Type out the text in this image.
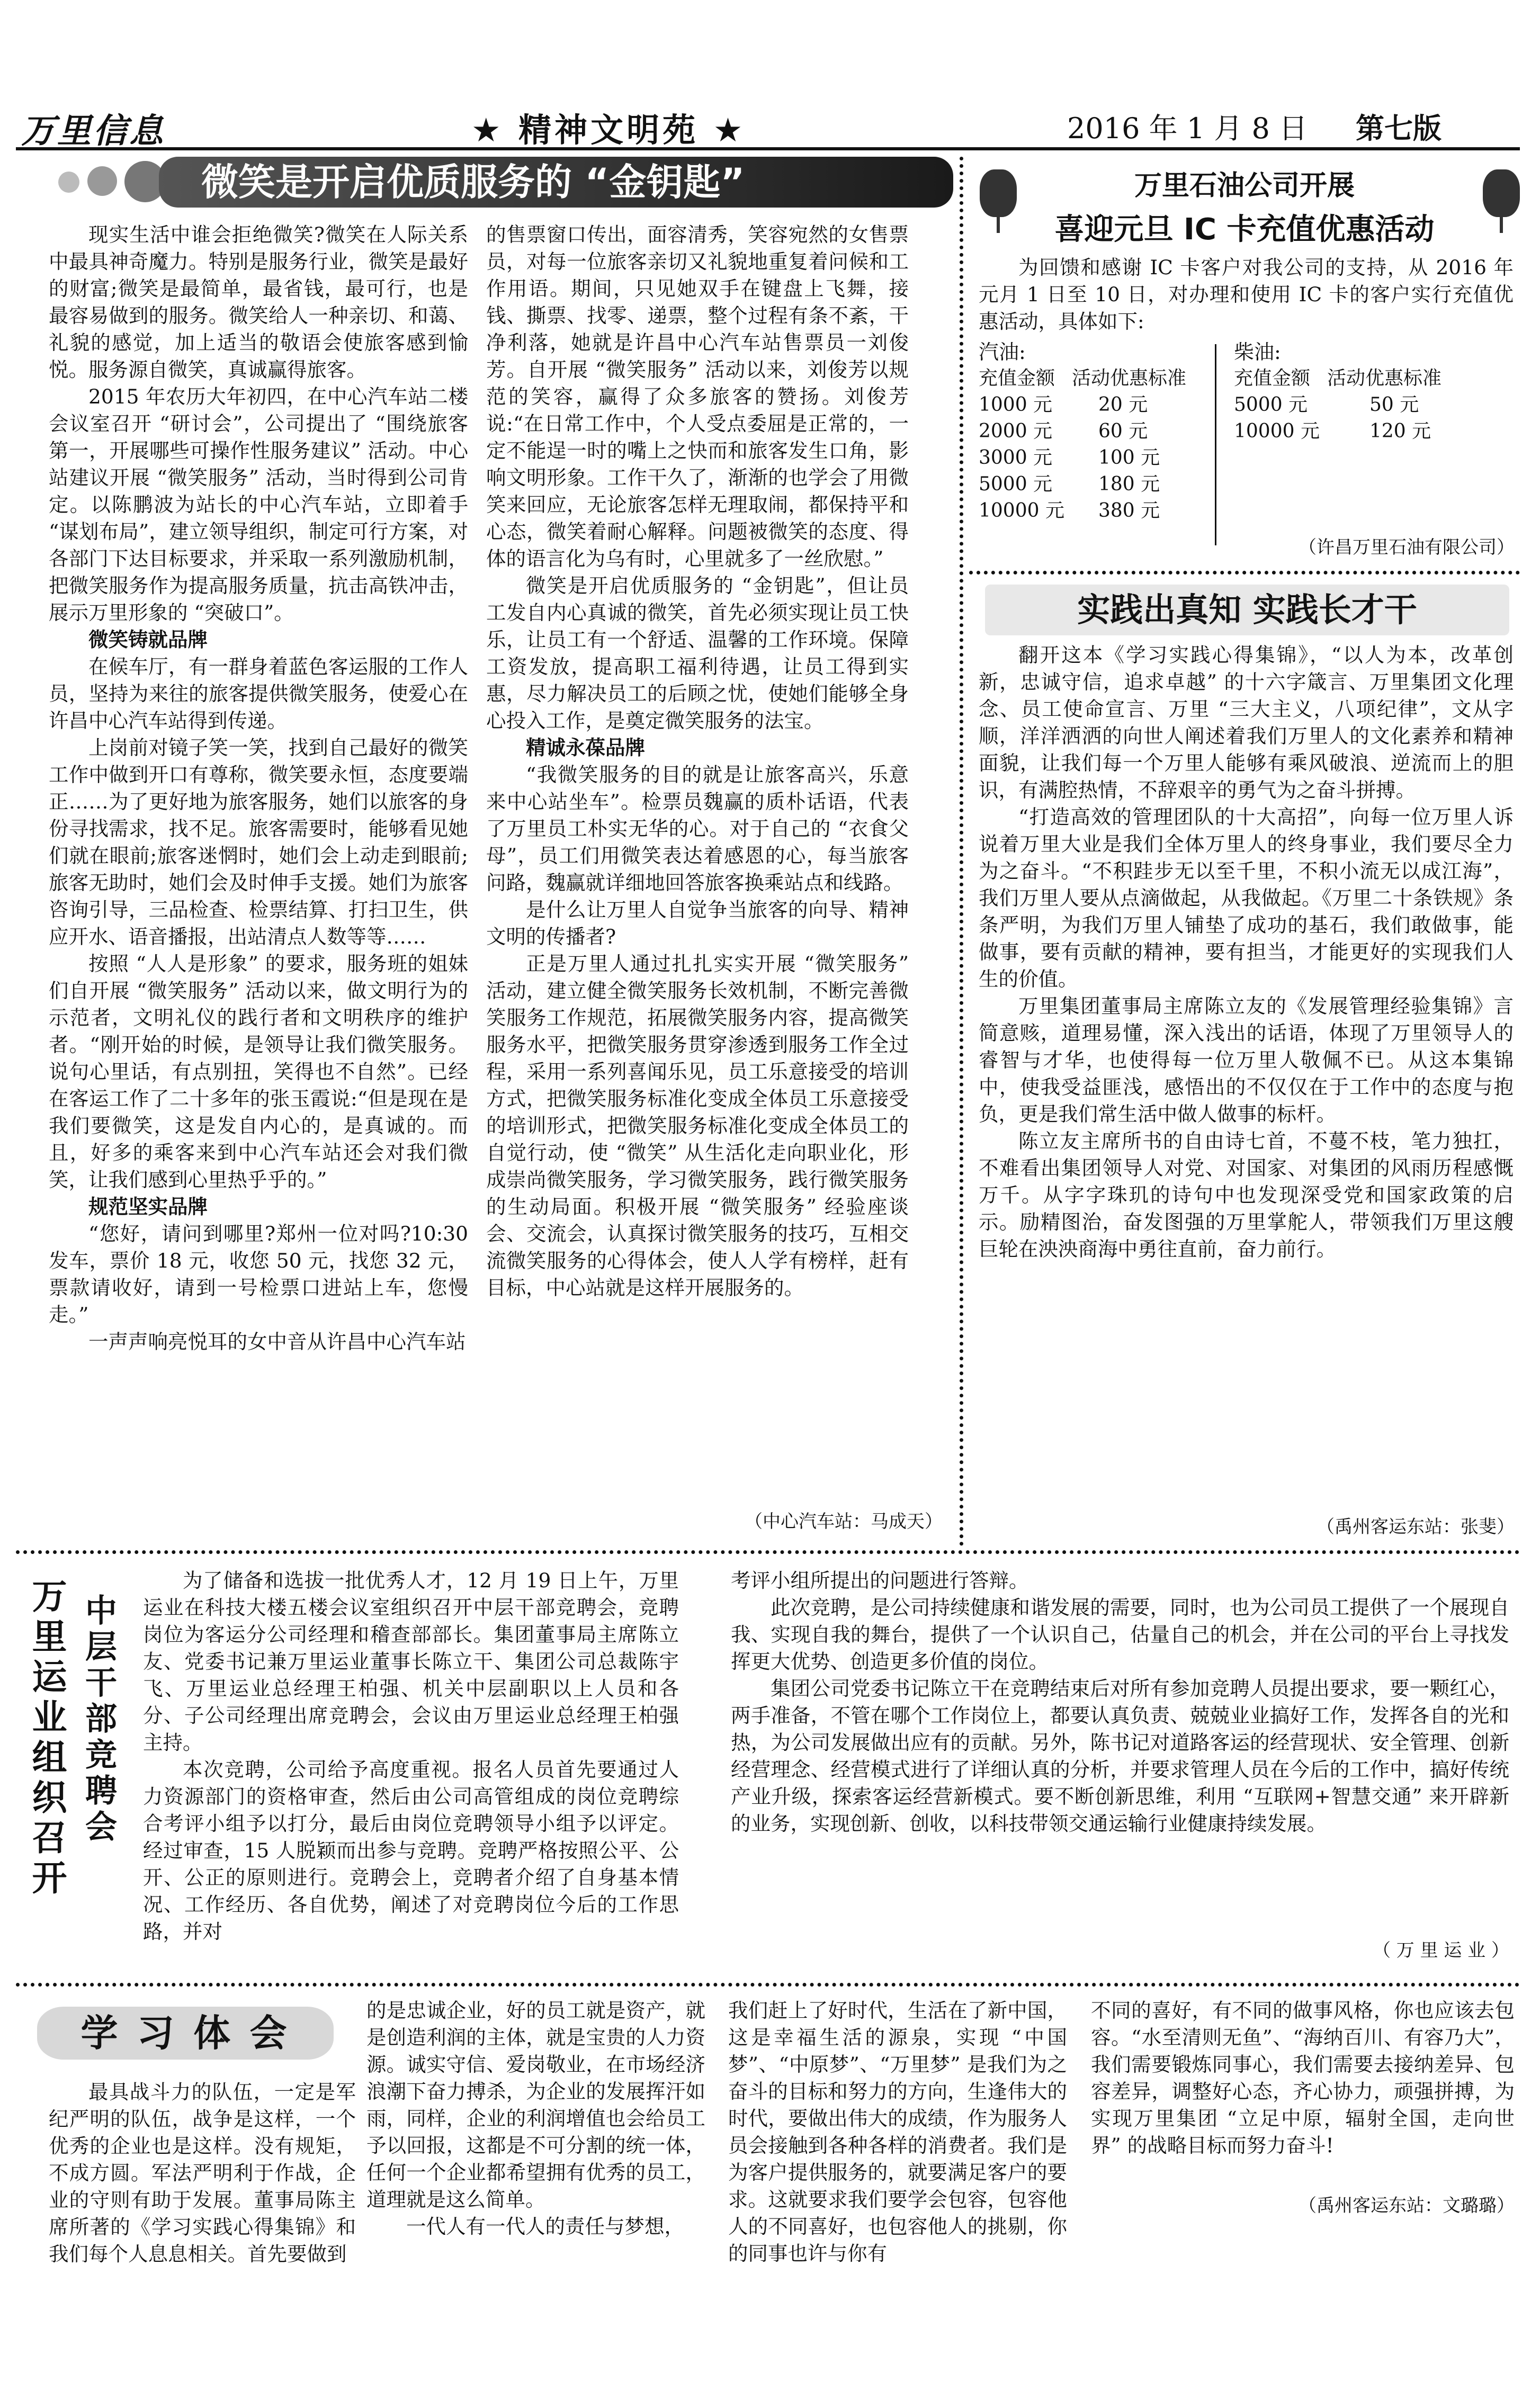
万里信息	★ 精神文明苑 ★	2016 年 1 月 8 日 第七版
微笑是开启优质服务的 “金钥匙”

现实生活中谁会拒绝微笑?微笑在人际关系中最具神奇魔力。特别是服务行业，微笑是最好的财富;微笑是最简单，最省钱，最可行，也是最容易做到的服务。微笑给人一种亲切、和蔼、礼貌的感觉，加上适当的敬语会使旅客感到愉悦。服务源自微笑，真诚赢得旅客。

2015 年农历大年初四，在中心汽车站二楼会议室召开 “研讨会”，公司提出了 “围绕旅客第一，开展哪些可操作性服务建议” 活动。中心站建议开展 “微笑服务” 活动，当时得到公司肯定。以陈鹏波为站长的中心汽车站，立即着手 “谋划布局”，建立领导组织，制定可行方案，对各部门下达目标要求，并采取一系列激励机制，把微笑服务作为提高服务质量，抗击高铁冲击，展示万里形象的 “突破口”。

微笑铸就品牌

在候车厅，有一群身着蓝色客运服的工作人员，坚持为来往的旅客提供微笑服务，使爱心在许昌中心汽车站得到传递。

上岗前对镜子笑一笑，找到自己最好的微笑工作中做到开口有尊称，微笑要永恒，态度要端正……为了更好地为旅客服务，她们以旅客的身份寻找需求，找不足。旅客需要时，能够看见她们就在眼前;旅客迷惘时，她们会上动走到眼前;旅客无助时，她们会及时伸手支援。她们为旅客咨询引导，三品检查、检票结算、打扫卫生，供应开水、语音播报，出站清点人数等等……

按照 “人人是形象” 的要求，服务班的姐妹们自开展 “微笑服务” 活动以来，做文明行为的示范者，文明礼仪的践行者和文明秩序的维护者。“刚开始的时候，是领导让我们微笑服务。说句心里话，有点别扭，笑得也不自然”。已经在客运工作了二十多年的张玉霞说:“但是现在是我们要微笑，这是发自内心的，是真诚的。而且，好多的乘客来到中心汽车站还会对我们微笑，让我们感到心里热乎乎的。”

规范坚实品牌

“您好，请问到哪里?郑州一位对吗?10:30 发车，票价 18 元，收您 50 元，找您 32 元，票款请收好，请到一号检票口进站上车，您慢走。”

一声声响亮悦耳的女中音从许昌中心汽车站

的售票窗口传出，面容清秀，笑容宛然的女售票员，对每一位旅客亲切又礼貌地重复着问候和工作用语。期间，只见她双手在键盘上飞舞，接钱、撕票、找零、递票，整个过程有条不紊，干净利落，她就是许昌中心汽车站售票员一刘俊芳。自开展 “微笑服务” 活动以来，刘俊芳以规范的笑容，赢得了众多旅客的赞扬。刘俊芳说:“在日常工作中，个人受点委屈是正常的，一定不能逞一时的嘴上之快而和旅客发生口角，影响文明形象。工作干久了，渐渐的也学会了用微笑来回应，无论旅客怎样无理取闹，都保持平和心态，微笑着耐心解释。问题被微笑的态度、得体的语言化为乌有时，心里就多了一丝欣慰。”

微笑是开启优质服务的 “金钥匙”，但让员工发自内心真诚的微笑，首先必须实现让员工快乐，让员工有一个舒适、温馨的工作环境。保障工资发放，提高职工福利待遇，让员工得到实惠，尽力解决员工的后顾之忧，使她们能够全身心投入工作，是奠定微笑服务的法宝。

精诚永葆品牌

“我微笑服务的目的就是让旅客高兴，乐意来中心站坐车”。检票员魏赢的质朴话语，代表了万里员工朴实无华的心。对于自己的 “衣食父母”，员工们用微笑表达着感恩的心，每当旅客问路，魏赢就详细地回答旅客换乘站点和线路。

是什么让万里人自觉争当旅客的向导、精神文明的传播者?

正是万里人通过扎扎实实开展 “微笑服务” 活动，建立健全微笑服务长效机制，不断完善微笑服务工作规范，拓展微笑服务内容，提高微笑服务水平，把微笑服务贯穿渗透到服务工作全过程，采用一系列喜闻乐见，员工乐意接受的培训方式，把微笑服务标准化变成全体员工乐意接受的培训形式，把微笑服务标准化变成全体员工的自觉行动，使 “微笑” 从生活化走向职业化，形成崇尚微笑服务，学习微笑服务，践行微笑服务的生动局面。积极开展 “微笑服务” 经验座谈会、交流会，认真探讨微笑服务的技巧，互相交流微笑服务的心得体会，使人人学有榜样，赶有目标，中心站就是这样开展服务的。

（中心汽车站：马成天）
万里石油公司开展
喜迎元旦 IC 卡充值优惠活动

为回馈和感谢 IC 卡客户对我公司的支持，从 2016 年元月 1 日至 10 日，对办理和使用 IC 卡的客户实行充值优惠活动，具体如下:

汽油:	柴油:
充值金额	活动优惠标准
1000 元	20 元
2000 元	60 元
3000 元	100 元
5000 元	180 元
10000 元	380 元
充值金额	活动优惠标准
5000 元	50 元
10000 元	120 元
（许昌万里石油有限公司）
实践出真知 实践长才干

翻开这本《学习实践心得集锦》，“以人为本，改革创新，忠诚守信，追求卓越” 的十六字箴言、万里集团文化理念、员工使命宣言、万里 “三大主义，八项纪律”，文从字顺，洋洋洒洒的向世人阐述着我们万里人的文化素养和精神面貌，让我们每一个万里人能够有乘风破浪、逆流而上的胆识，有满腔热情，不辞艰辛的勇气为之奋斗拼搏。

“打造高效的管理团队的十大高招”，向每一位万里人诉说着万里大业是我们全体万里人的终身事业，我们要尽全力为之奋斗。“不积跬步无以至千里，不积小流无以成江海”，我们万里人要从点滴做起，从我做起。《万里二十条铁规》条条严明，为我们万里人铺垫了成功的基石，我们敢做事，能做事，要有贡献的精神，要有担当，才能更好的实现我们人生的价值。

万里集团董事局主席陈立友的《发展管理经验集锦》言简意赅，道理易懂，深入浅出的话语，体现了万里领导人的睿智与才华，也使得每一位万里人敬佩不已。从这本集锦中，使我受益匪浅，感悟出的不仅仅在于工作中的态度与抱负，更是我们常生活中做人做事的标杆。

陈立友主席所书的自由诗七首，不蔓不枝，笔力独扛，不难看出集团领导人对党、对国家、对集团的风雨历程感慨万千。从字字珠玑的诗句中也发现深受党和国家政策的启示。励精图治，奋发图强的万里掌舵人，带领我们万里这艘巨轮在泱泱商海中勇往直前，奋力前行。

（禹州客运东站：张斐）
万里运业组织召开 中层干部竞聘会

为了储备和选拔一批优秀人才，12 月 19 日上午，万里运业在科技大楼五楼会议室组织召开中层干部竞聘会，竞聘岗位为客运分公司经理和稽查部部长。集团董事局主席陈立友、党委书记兼万里运业董事长陈立干、集团公司总裁陈宇飞、万里运业总经理王柏强、机关中层副职以上人员和各分、子公司经理出席竞聘会，会议由万里运业总经理王柏强主持。

本次竞聘，公司给予高度重视。报名人员首先要通过人力资源部门的资格审查，然后由公司高管组成的岗位竞聘综合考评小组予以打分，最后由岗位竞聘领导小组予以评定。经过审查，15 人脱颖而出参与竞聘。竞聘严格按照公平、公开、公正的原则进行。竞聘会上，竞聘者介绍了自身基本情况、工作经历、各自优势，阐述了对竞聘岗位今后的工作思路，并对

考评小组所提出的问题进行答辩。

此次竞聘，是公司持续健康和谐发展的需要，同时，也为公司员工提供了一个展现自我、实现自我的舞台，提供了一个认识自己，估量自己的机会，并在公司的平台上寻找发挥更大优势、创造更多价值的岗位。

集团公司党委书记陈立干在竞聘结束后对所有参加竞聘人员提出要求，要一颗红心，两手准备，不管在哪个工作岗位上，都要认真负责、兢兢业业搞好工作，发挥各自的光和热，为公司发展做出应有的贡献。另外，陈书记对道路客运的经营现状、安全管理、创新经营理念、经营模式进行了详细认真的分析，并要求管理人员在今后的工作中，搞好传统产业升级，探索客运经营新模式。要不断创新思维，利用 “互联网+智慧交通” 来开辟新的业务，实现创新、创收，以科技带领交通运输行业健康持续发展。

（ 万 里 运 业 ）
学 习 体 会

最具战斗力的队伍，一定是军纪严明的队伍，战争是这样，一个优秀的企业也是这样。没有规矩，不成方圆。军法严明利于作战，企业的守则有助于发展。董事局陈主席所著的《学习实践心得集锦》和我们每个人息息相关。首先要做到

的是忠诚企业，好的员工就是资产，就是创造利润的主体，就是宝贵的人力资源。诚实守信、爱岗敬业，在市场经济浪潮下奋力搏杀，为企业的发展挥汗如雨，同样，企业的利润增值也会给员工予以回报，这都是不可分割的统一体，任何一个企业都希望拥有优秀的员工，道理就是这么简单。

一代人有一代人的责任与梦想，

我们赶上了好时代，生活在了新中国，这是幸福生活的源泉，实现 “中国梦”、“中原梦”、“万里梦” 是我们为之奋斗的目标和努力的方向，生逢伟大的时代，要做出伟大的成绩，作为服务人员会接触到各种各样的消费者。我们是为客户提供服务的，就要满足客户的要求。这就要求我们要学会包容，包容他人的不同喜好，也包容他人的挑剔，你的同事也许与你有

不同的喜好，有不同的做事风格，你也应该去包容。“水至清则无鱼”、“海纳百川、有容乃大”，我们需要锻炼同事心，我们需要去接纳差异、包容差异，调整好心态，齐心协力，顽强拼搏，为实现万里集团 “立足中原，辐射全国，走向世界” 的战略目标而努力奋斗!

（禹州客运东站：文璐璐）
